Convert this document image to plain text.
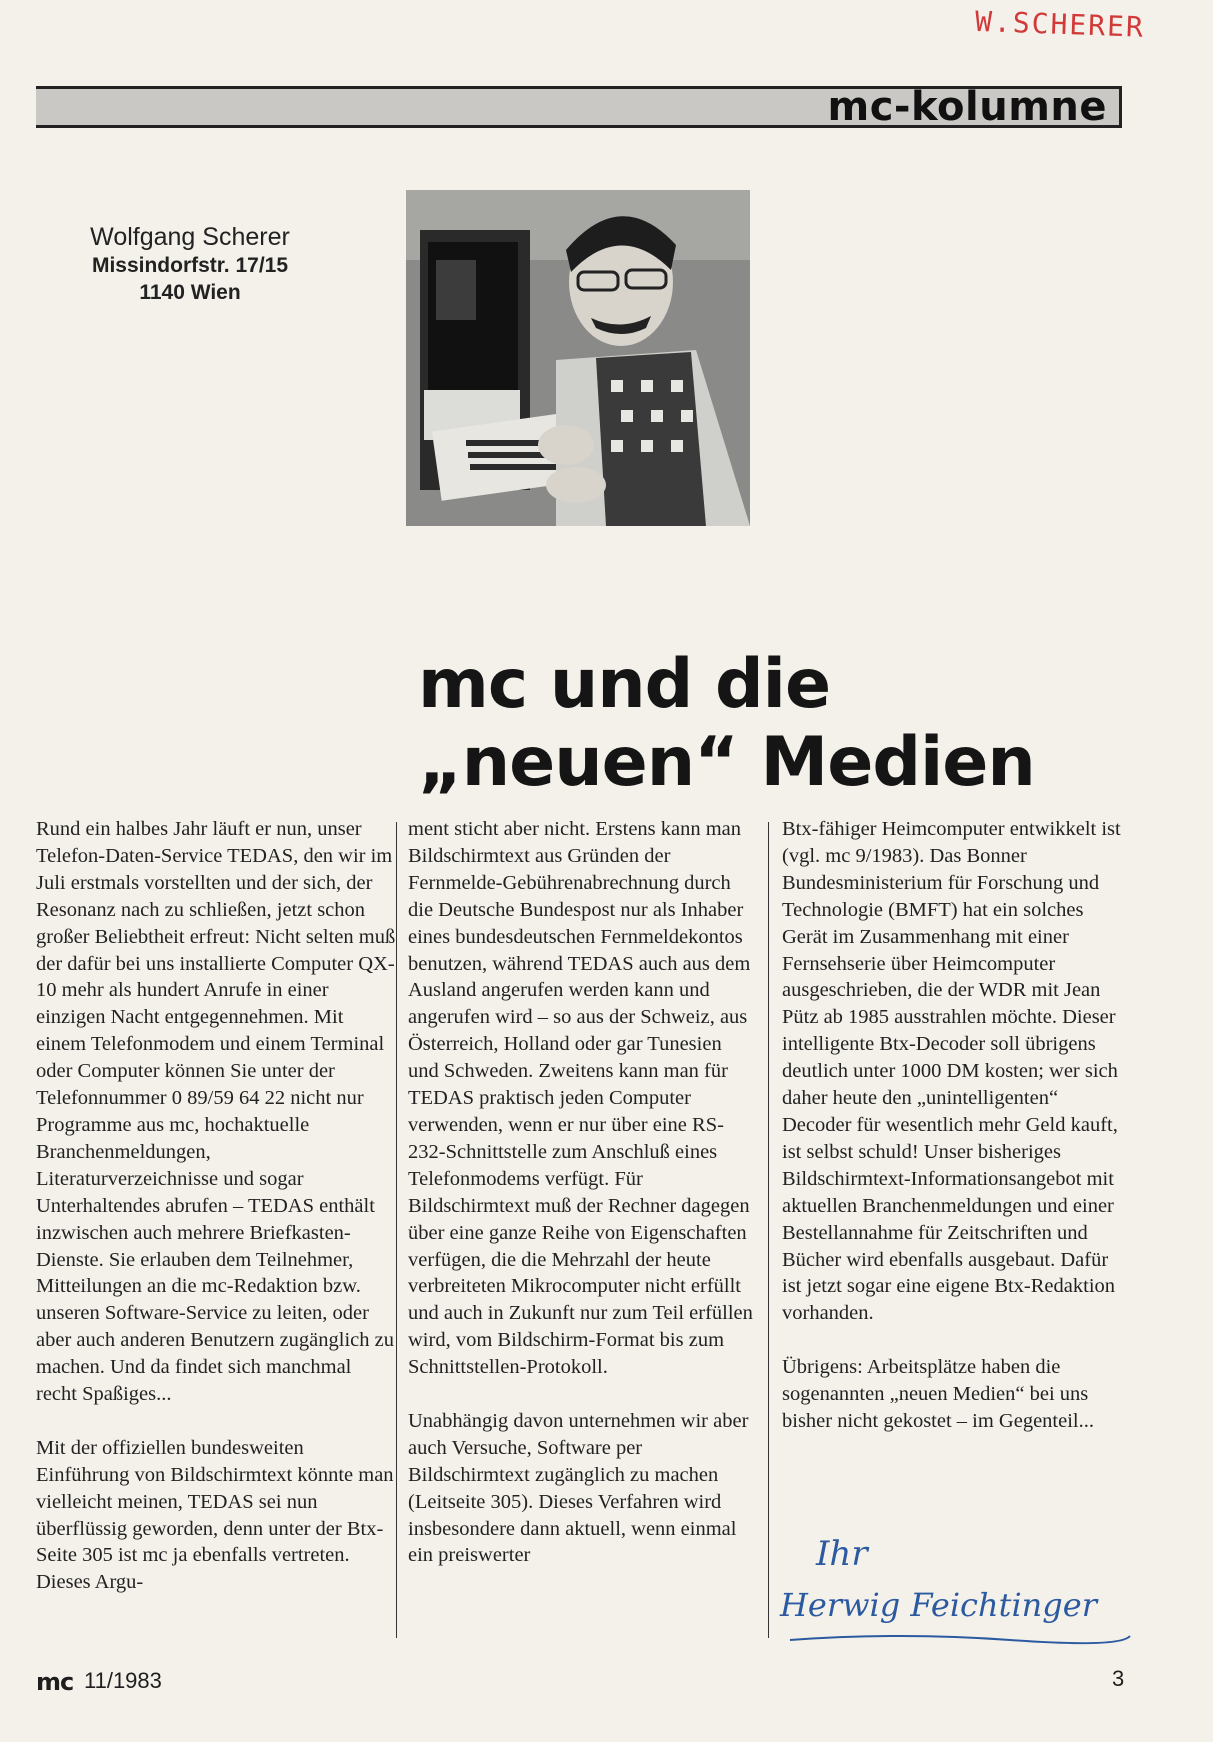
W.SCHERER
mc-kolumne
Wolfgang Scherer
Missindorfstr. 17/15
1140 Wien
mc und die
„neuen“ Medien

Rund ein halbes Jahr läuft er nun, unser Telefon-Daten-Service TEDAS, den wir im Juli erstmals vorstellten und der sich, der Resonanz nach zu schließen, jetzt schon großer Beliebtheit erfreut: Nicht selten muß der dafür bei uns installierte Computer QX-10 mehr als hundert Anrufe in einer einzigen Nacht entgegennehmen. Mit einem Telefonmodem und einem Terminal oder Computer können Sie unter der Telefonnummer 0 89/59 64 22 nicht nur Programme aus mc, hochaktuelle Branchenmeldungen, Literaturverzeichnisse und sogar Unterhaltendes abrufen – TEDAS enthält inzwischen auch mehrere Briefkasten-Dienste. Sie erlauben dem Teilnehmer, Mitteilungen an die mc-Redaktion bzw. unseren Software-Service zu leiten, oder aber auch anderen Benutzern zugänglich zu machen. Und da findet sich manchmal recht Spaßiges...

Mit der offiziellen bundesweiten Einführung von Bildschirmtext könnte man vielleicht meinen, TEDAS sei nun überflüssig geworden, denn unter der Btx-Seite 305 ist mc ja ebenfalls vertreten. Dieses Argu-

ment sticht aber nicht. Erstens kann man Bildschirmtext aus Gründen der Fernmelde-Gebührenabrechnung durch die Deutsche Bundespost nur als Inhaber eines bundesdeutschen Fernmeldekontos benutzen, während TEDAS auch aus dem Ausland angerufen werden kann und angerufen wird – so aus der Schweiz, aus Österreich, Holland oder gar Tunesien und Schweden. Zweitens kann man für TEDAS praktisch jeden Computer verwenden, wenn er nur über eine RS-232-Schnittstelle zum Anschluß eines Telefonmodems verfügt. Für Bildschirmtext muß der Rechner dagegen über eine ganze Reihe von Eigenschaften verfügen, die die Mehrzahl der heute verbreiteten Mikrocomputer nicht erfüllt und auch in Zukunft nur zum Teil erfüllen wird, vom Bildschirm-Format bis zum Schnittstellen-Protokoll.

Unabhängig davon unternehmen wir aber auch Versuche, Software per Bildschirmtext zugänglich zu machen (Leitseite 305). Dieses Verfahren wird insbesondere dann aktuell, wenn einmal ein preiswerter

Btx-fähiger Heimcomputer entwikkelt ist (vgl. mc 9/1983). Das Bonner Bundesministerium für Forschung und Technologie (BMFT) hat ein solches Gerät im Zusammenhang mit einer Fernsehserie über Heimcomputer ausgeschrieben, die der WDR mit Jean Pütz ab 1985 ausstrahlen möchte. Dieser intelligente Btx-Decoder soll übrigens deutlich unter 1000 DM kosten; wer sich daher heute den „unintelligenten“ Decoder für wesentlich mehr Geld kauft, ist selbst schuld! Unser bisheriges Bildschirmtext-Informationsangebot mit aktuellen Branchenmeldungen und einer Bestellannahme für Zeitschriften und Bücher wird ebenfalls ausgebaut. Dafür ist jetzt sogar eine eigene Btx-Redaktion vorhanden.

Übrigens: Arbeitsplätze haben die sogenannten „neuen Medien“ bei uns bisher nicht gekostet – im Gegenteil...

Ihr
Herwig Feichtinger
mc 11/1983	3
